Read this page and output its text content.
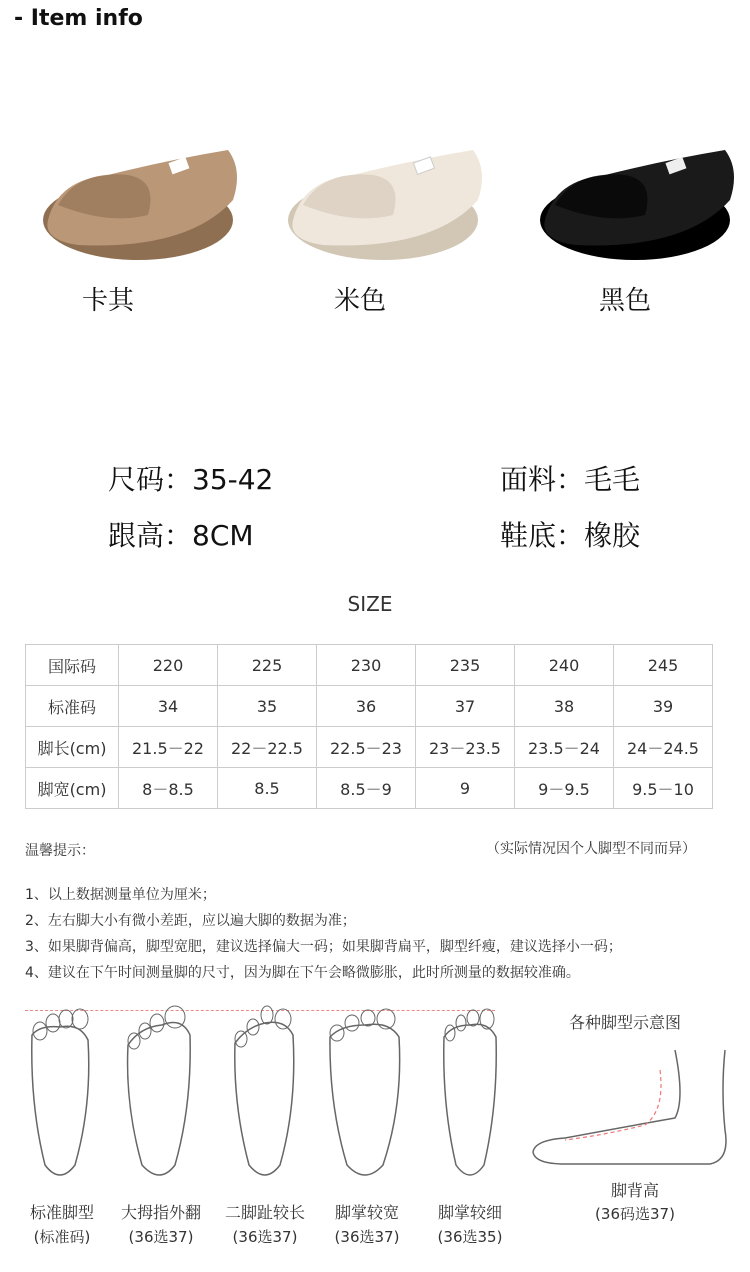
- Item info
卡其	米色	黑色
尺码：35-42	面料：毛毛
跟高：8CM	鞋底：橡胶
SIZE
国际码	220	225	230	235	240	245
标准码	34	35	36	37	38	39
脚长(cm)	21.5－22	22－22.5	22.5－23	23－23.5	23.5－24	24－24.5
脚宽(cm)	8－8.5	8.5	8.5－9	9	9－9.5	9.5－10
温馨提示：	（实际情况因个人脚型不同而异）
1、以上数据测量单位为厘米；
2、左右脚大小有微小差距，应以遍大脚的数据为准；
3、如果脚背偏高，脚型宽肥，建议选择偏大一码；如果脚背扁平，脚型纤瘦，建议选择小一码；
4、建议在下午时间测量脚的尺寸，因为脚在下午会略微膨胀，此时所测量的数据较准确。
标准脚型
(标准码)
大拇指外翻
(36选37)
二脚趾较长
(36选37)
脚掌较宽
(36选37)
脚掌较细
(36选35)
各种脚型示意图
脚背高
(36码选37)
